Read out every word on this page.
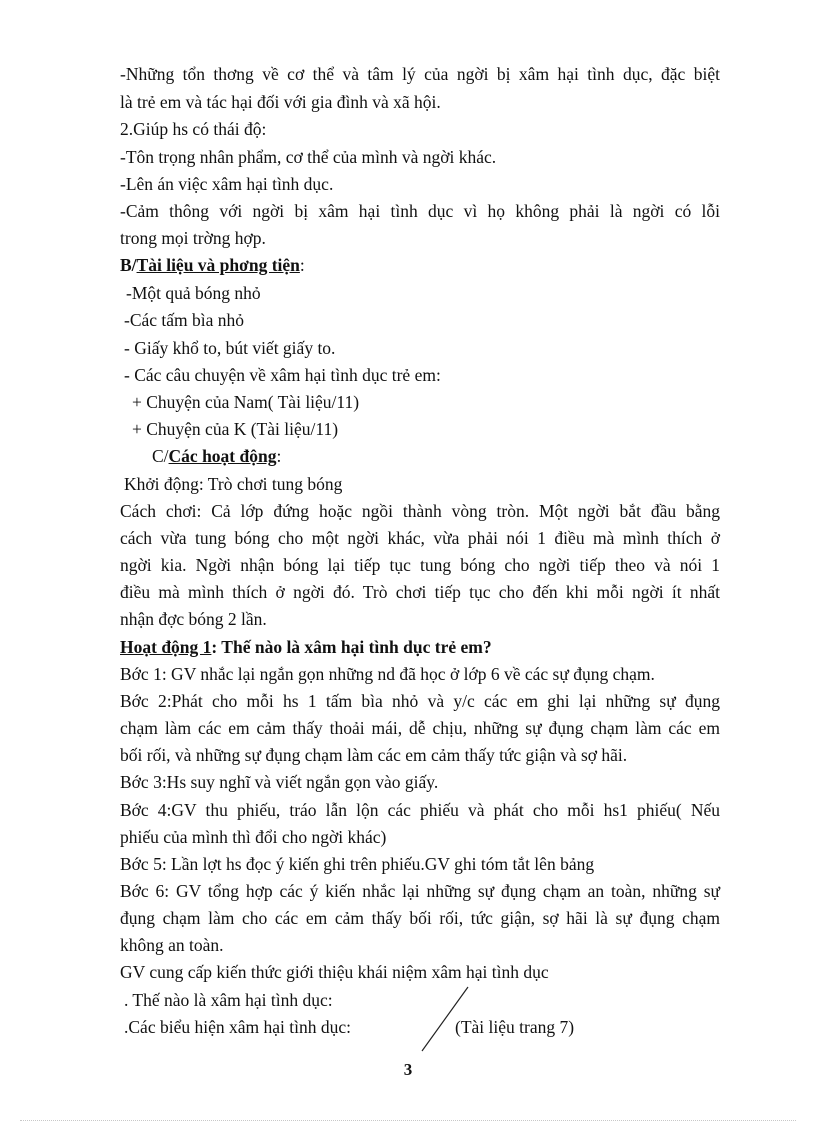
-Những tổn thơng về cơ thể và tâm lý của ngời bị xâm hại tình dục, đặc biệt
là trẻ em và tác hại đối với gia đình và xã hội.
2.Giúp hs có thái độ:
-Tôn trọng nhân phẩm, cơ thể của mình và ngời khác.
-Lên án việc xâm hại tình dục.
-Cảm thông với ngời bị xâm hại tình dục vì họ không phải là ngời có lỗi
trong mọi trờng hợp.
B/Tài liệu và phơng tiện:
-Một quả bóng nhỏ
-Các tấm bìa nhỏ
- Giấy khổ to, bút viết giấy to.
- Các câu chuyện về xâm hại tình dục trẻ em:
+ Chuyện của Nam( Tài liệu/11)
+ Chuyện của K (Tài liệu/11)
C/Các hoạt động:
Khởi động: Trò chơi tung bóng
Cách chơi: Cả lớp đứng hoặc ngồi thành vòng tròn. Một ngời bắt đầu bằng
cách vừa tung bóng cho một ngời khác, vừa phải nói 1 điều mà mình thích ở
ngời kia. Ngời nhận bóng lại tiếp tục tung bóng cho ngời tiếp theo và nói 1
điều mà mình thích ở ngời đó. Trò chơi tiếp tục cho đến khi mỗi ngời ít nhất
nhận đợc bóng 2 lần.
Hoạt động 1: Thế nào là xâm hại tình dục trẻ em?
Bớc 1: GV nhắc lại ngắn gọn những nd đã học ở lớp 6 về các sự đụng chạm.
Bớc 2:Phát cho mỗi hs 1 tấm bìa nhỏ và y/c các em ghi lại những sự đụng
chạm làm các em cảm thấy thoải mái, dễ chịu, những sự đụng chạm làm các em
bối rối, và những sự đụng chạm làm các em cảm thấy tức giận và sợ hãi.
Bớc 3:Hs suy nghĩ và viết ngắn gọn vào giấy.
Bớc 4:GV thu phiếu, tráo lẫn lộn các phiếu và phát cho mỗi hs1 phiếu( Nếu
phiếu của mình thì đổi cho ngời khác)
Bớc 5: Lần lợt hs đọc ý kiến ghi trên phiếu.GV ghi tóm tắt lên bảng
Bớc 6: GV tổng hợp các ý kiến nhắc lại những sự đụng chạm an toàn, những sự
đụng chạm làm cho các em cảm thấy bối rối, tức giận, sợ hãi là sự đụng chạm
không an toàn.
GV cung cấp kiến thức giới thiệu khái niệm xâm hại tình dục
. Thế nào là xâm hại tình dục:
.Các biểu hiện xâm hại tình dục:	(Tài liệu trang 7)
3
